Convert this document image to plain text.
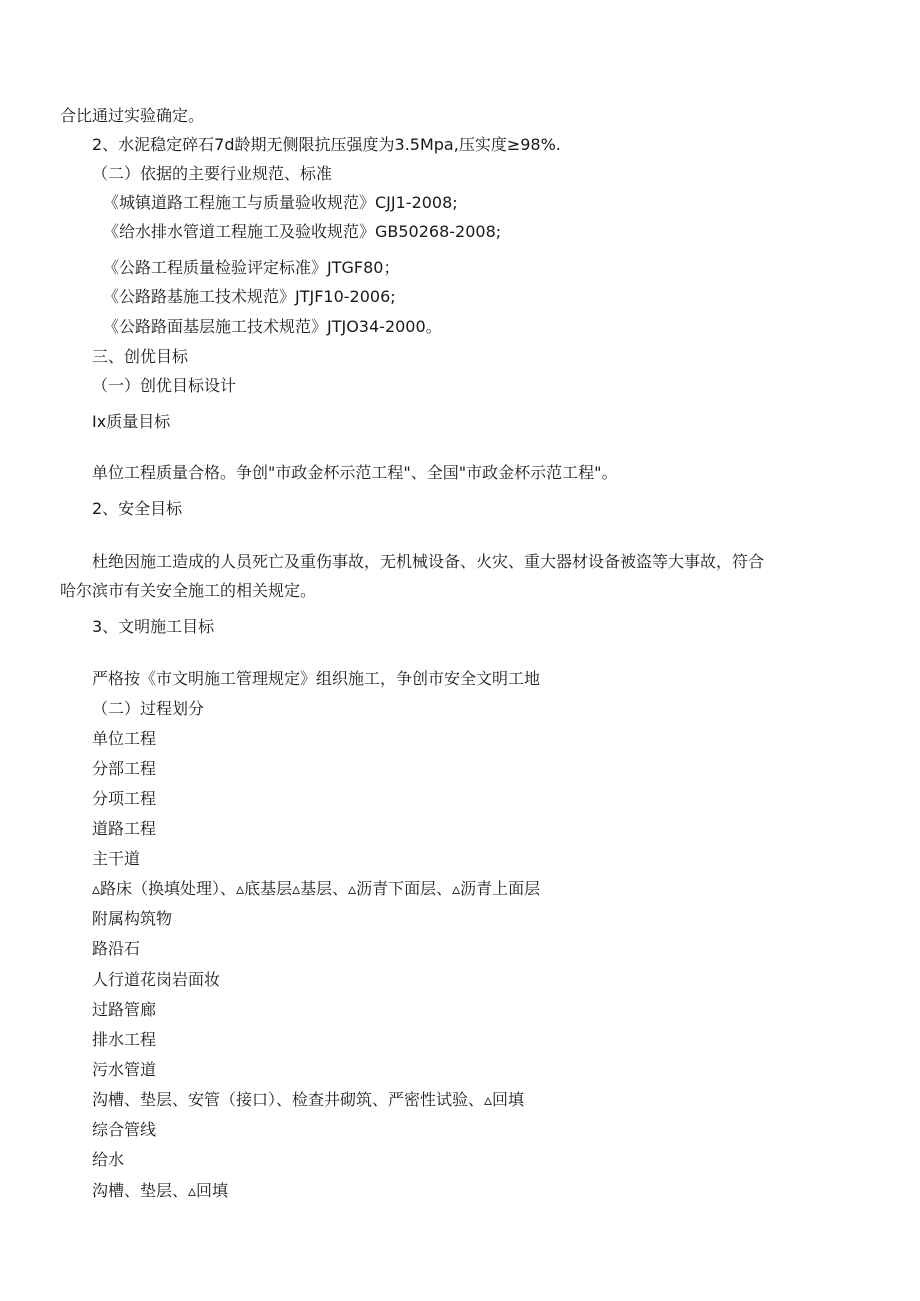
合比通过实验确定。
2、水泥稳定碎石7d龄期无侧限抗压强度为3.5Mpa,压实度≥98%.
（二）依据的主要行业规范、标准
《城镇道路工程施工与质量验收规范》CJJ1-2008;
《给水排水管道工程施工及验收规范》GB50268-2008;
《公路工程质量检验评定标准》JTGF80；
《公路路基施工技术规范》JTJF10-2006;
《公路路面基层施工技术规范》JTJO34-2000。
三、创优目标
（一）创优目标设计
Ix质量目标
单位工程质量合格。争创"市政金杯示范工程"、全国"市政金杯示范工程"。
2、安全目标
杜绝因施工造成的人员死亡及重伤事故，无机械设备、火灾、重大器材设备被盗等大事故，符合
哈尔滨市有关安全施工的相关规定。
3、文明施工目标
严格按《市文明施工管理规定》组织施工，争创市安全文明工地
（二）过程划分
单位工程
分部工程
分项工程
道路工程
主干道
▵路床（换填处理）、▵底基层▵基层、▵沥青下面层、▵沥青上面层
附属构筑物
路沿石
人行道花岗岩面妆
过路管廊
排水工程
污水管道
沟槽、垫层、安管（接口）、检查井砌筑、严密性试验、▵回填
综合管线
给水
沟槽、垫层、▵回填
